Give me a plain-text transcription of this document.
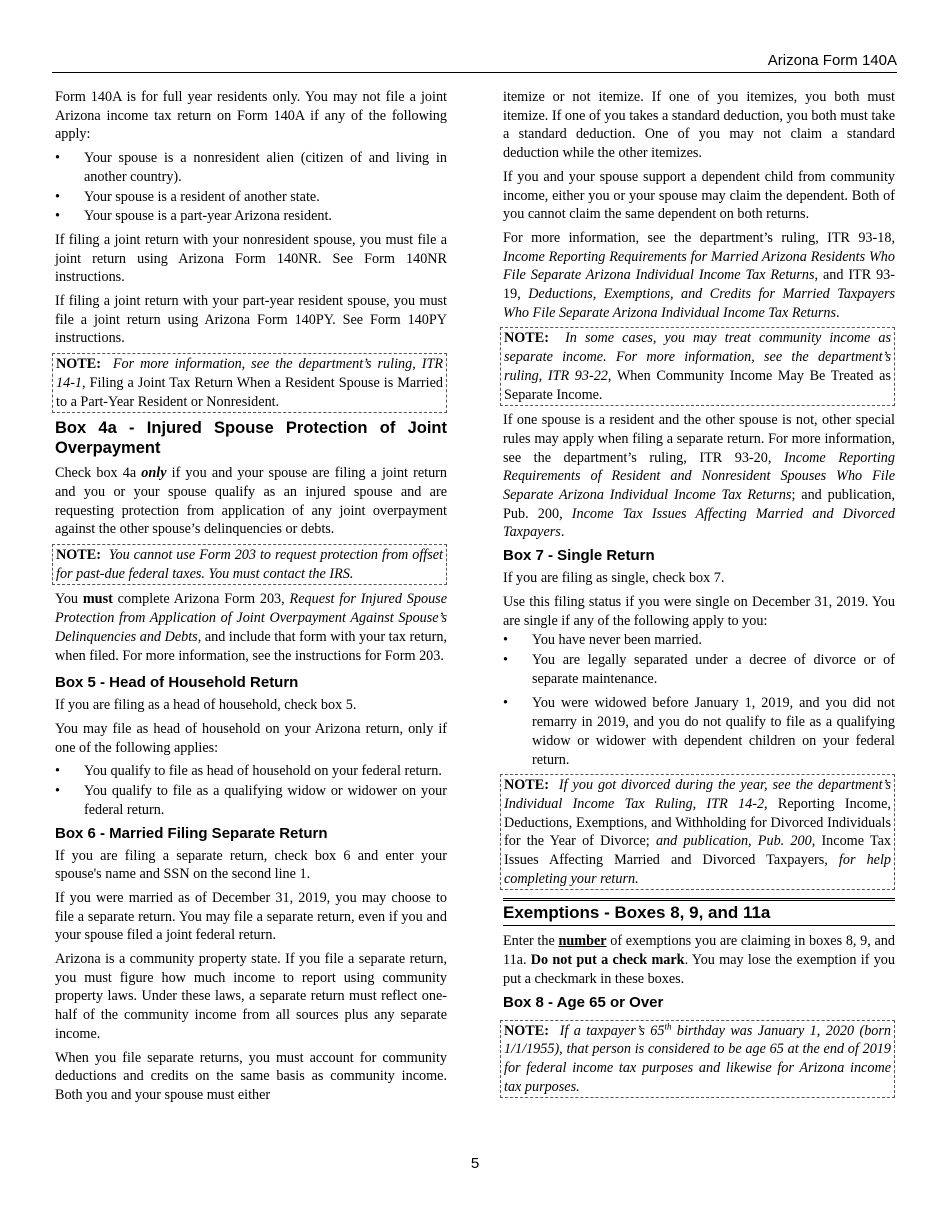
Arizona Form 140A

Form 140A is for full year residents only. You may not file a joint Arizona income tax return on Form 140A if any of the following apply:

• Your spouse is a nonresident alien (citizen of and living in another country).
• Your spouse is a resident of another state.
• Your spouse is a part-year Arizona resident.

If filing a joint return with your nonresident spouse, you must file a joint return using Arizona Form 140NR. See Form 140NR instructions.

If filing a joint return with your part-year resident spouse, you must file a joint return using Arizona Form 140PY. See Form 140PY instructions.

NOTE: For more information, see the department’s ruling, ITR 14-1, Filing a Joint Tax Return When a Resident Spouse is Married to a Part-Year Resident or Nonresident.
Box 4a - Injured Spouse Protection of Joint Overpayment

Check box 4a only if you and your spouse are filing a joint return and you or your spouse qualify as an injured spouse and are requesting protection from application of any joint overpayment against the other spouse’s delinquencies or debts.

NOTE: You cannot use Form 203 to request protection from offset for past-due federal taxes. You must contact the IRS.

You must complete Arizona Form 203, Request for Injured Spouse Protection from Application of Joint Overpayment Against Spouse’s Delinquencies and Debts, and include that form with your tax return, when filed. For more information, see the instructions for Form 203.

Box 5 - Head of Household Return

If you are filing as a head of household, check box 5.

You may file as head of household on your Arizona return, only if one of the following applies:

• You qualify to file as head of household on your federal return.
• You qualify to file as a qualifying widow or widower on your federal return.
Box 6 - Married Filing Separate Return

If you are filing a separate return, check box 6 and enter your spouse's name and SSN on the second line 1.

If you were married as of December 31, 2019, you may choose to file a separate return. You may file a separate return, even if you and your spouse filed a joint federal return.

Arizona is a community property state. If you file a separate return, you must figure how much income to report using community property laws. Under these laws, a separate return must reflect one-half of the community income from all sources plus any separate income.

When you file separate returns, you must account for community deductions and credits on the same basis as community income. Both you and your spouse must either

itemize or not itemize. If one of you itemizes, you both must itemize. If one of you takes a standard deduction, you both must take a standard deduction. One of you may not claim a standard deduction while the other itemizes.

If you and your spouse support a dependent child from community income, either you or your spouse may claim the dependent. Both of you cannot claim the same dependent on both returns.

For more information, see the department’s ruling, ITR 93-18, Income Reporting Requirements for Married Arizona Residents Who File Separate Arizona Individual Income Tax Returns, and ITR 93-19, Deductions, Exemptions, and Credits for Married Taxpayers Who File Separate Arizona Individual Income Tax Returns.

NOTE: In some cases, you may treat community income as separate income. For more information, see the department’s ruling, ITR 93-22, When Community Income May Be Treated as Separate Income.

If one spouse is a resident and the other spouse is not, other special rules may apply when filing a separate return. For more information, see the department’s ruling, ITR 93-20, Income Reporting Requirements of Resident and Nonresident Spouses Who File Separate Arizona Individual Income Tax Returns; and publication, Pub. 200, Income Tax Issues Affecting Married and Divorced Taxpayers.

Box 7 - Single Return

If you are filing as single, check box 7.

Use this filing status if you were single on December 31, 2019. You are single if any of the following apply to you:

• You have never been married.
• You are legally separated under a decree of divorce or of separate maintenance.
• You were widowed before January 1, 2019, and you did not remarry in 2019, and you do not qualify to file as a qualifying widow or widower with dependent children on your federal return.
NOTE: If you got divorced during the year, see the department’s Individual Income Tax Ruling, ITR 14-2, Reporting Income, Deductions, Exemptions, and Withholding for Divorced Individuals for the Year of Divorce; and publication, Pub. 200, Income Tax Issues Affecting Married and Divorced Taxpayers, for help completing your return.
Exemptions - Boxes 8, 9, and 11a

Enter the number of exemptions you are claiming in boxes 8, 9, and 11a. Do not put a check mark. You may lose the exemption if you put a checkmark in these boxes.

Box 8 - Age 65 or Over
NOTE: If a taxpayer’s 65th birthday was January 1, 2020 (born 1/1/1955), that person is considered to be age 65 at the end of 2019 for federal income tax purposes and likewise for Arizona income tax purposes.
5
